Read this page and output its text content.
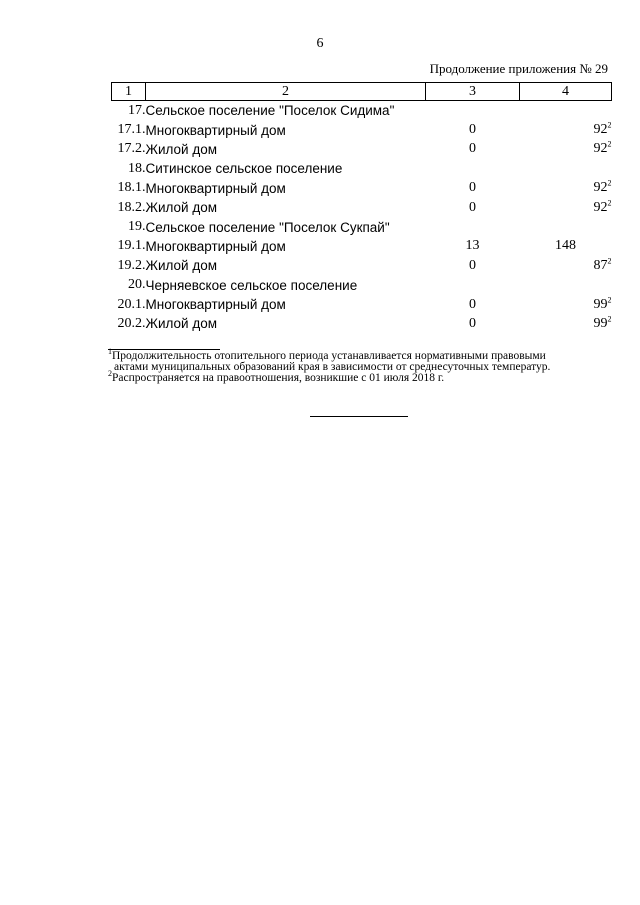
6
Продолжение приложения № 29
1	2	3	4
17.	Сельское поселение "Поселок Сидима"		
17.1.	Многоквартирный дом	0	$92^2$
17.2.	Жилой дом	0	$92^2$
18.	Ситинское сельское поселение		
18.1.	Многоквартирный дом	0	$92^2$
18.2.	Жилой дом	0	$92^2$
19.	Сельское поселение "Поселок Сукпай"		
19.1.	Многоквартирный дом	13	148
19.2.	Жилой дом	0	$87^2$
20.	Черняевское сельское поселение		
20.1.	Многоквартирный дом	0	$99^2$
20.2.	Жилой дом	0	$99^2$
$^1$Продолжительность отопительного периода устанавливается нормативными правовыми
актами муниципальных образований края в зависимости от среднесуточных температур.
$^2$Распространяется на правоотношения, возникшие с 01 июля 2018 г.
